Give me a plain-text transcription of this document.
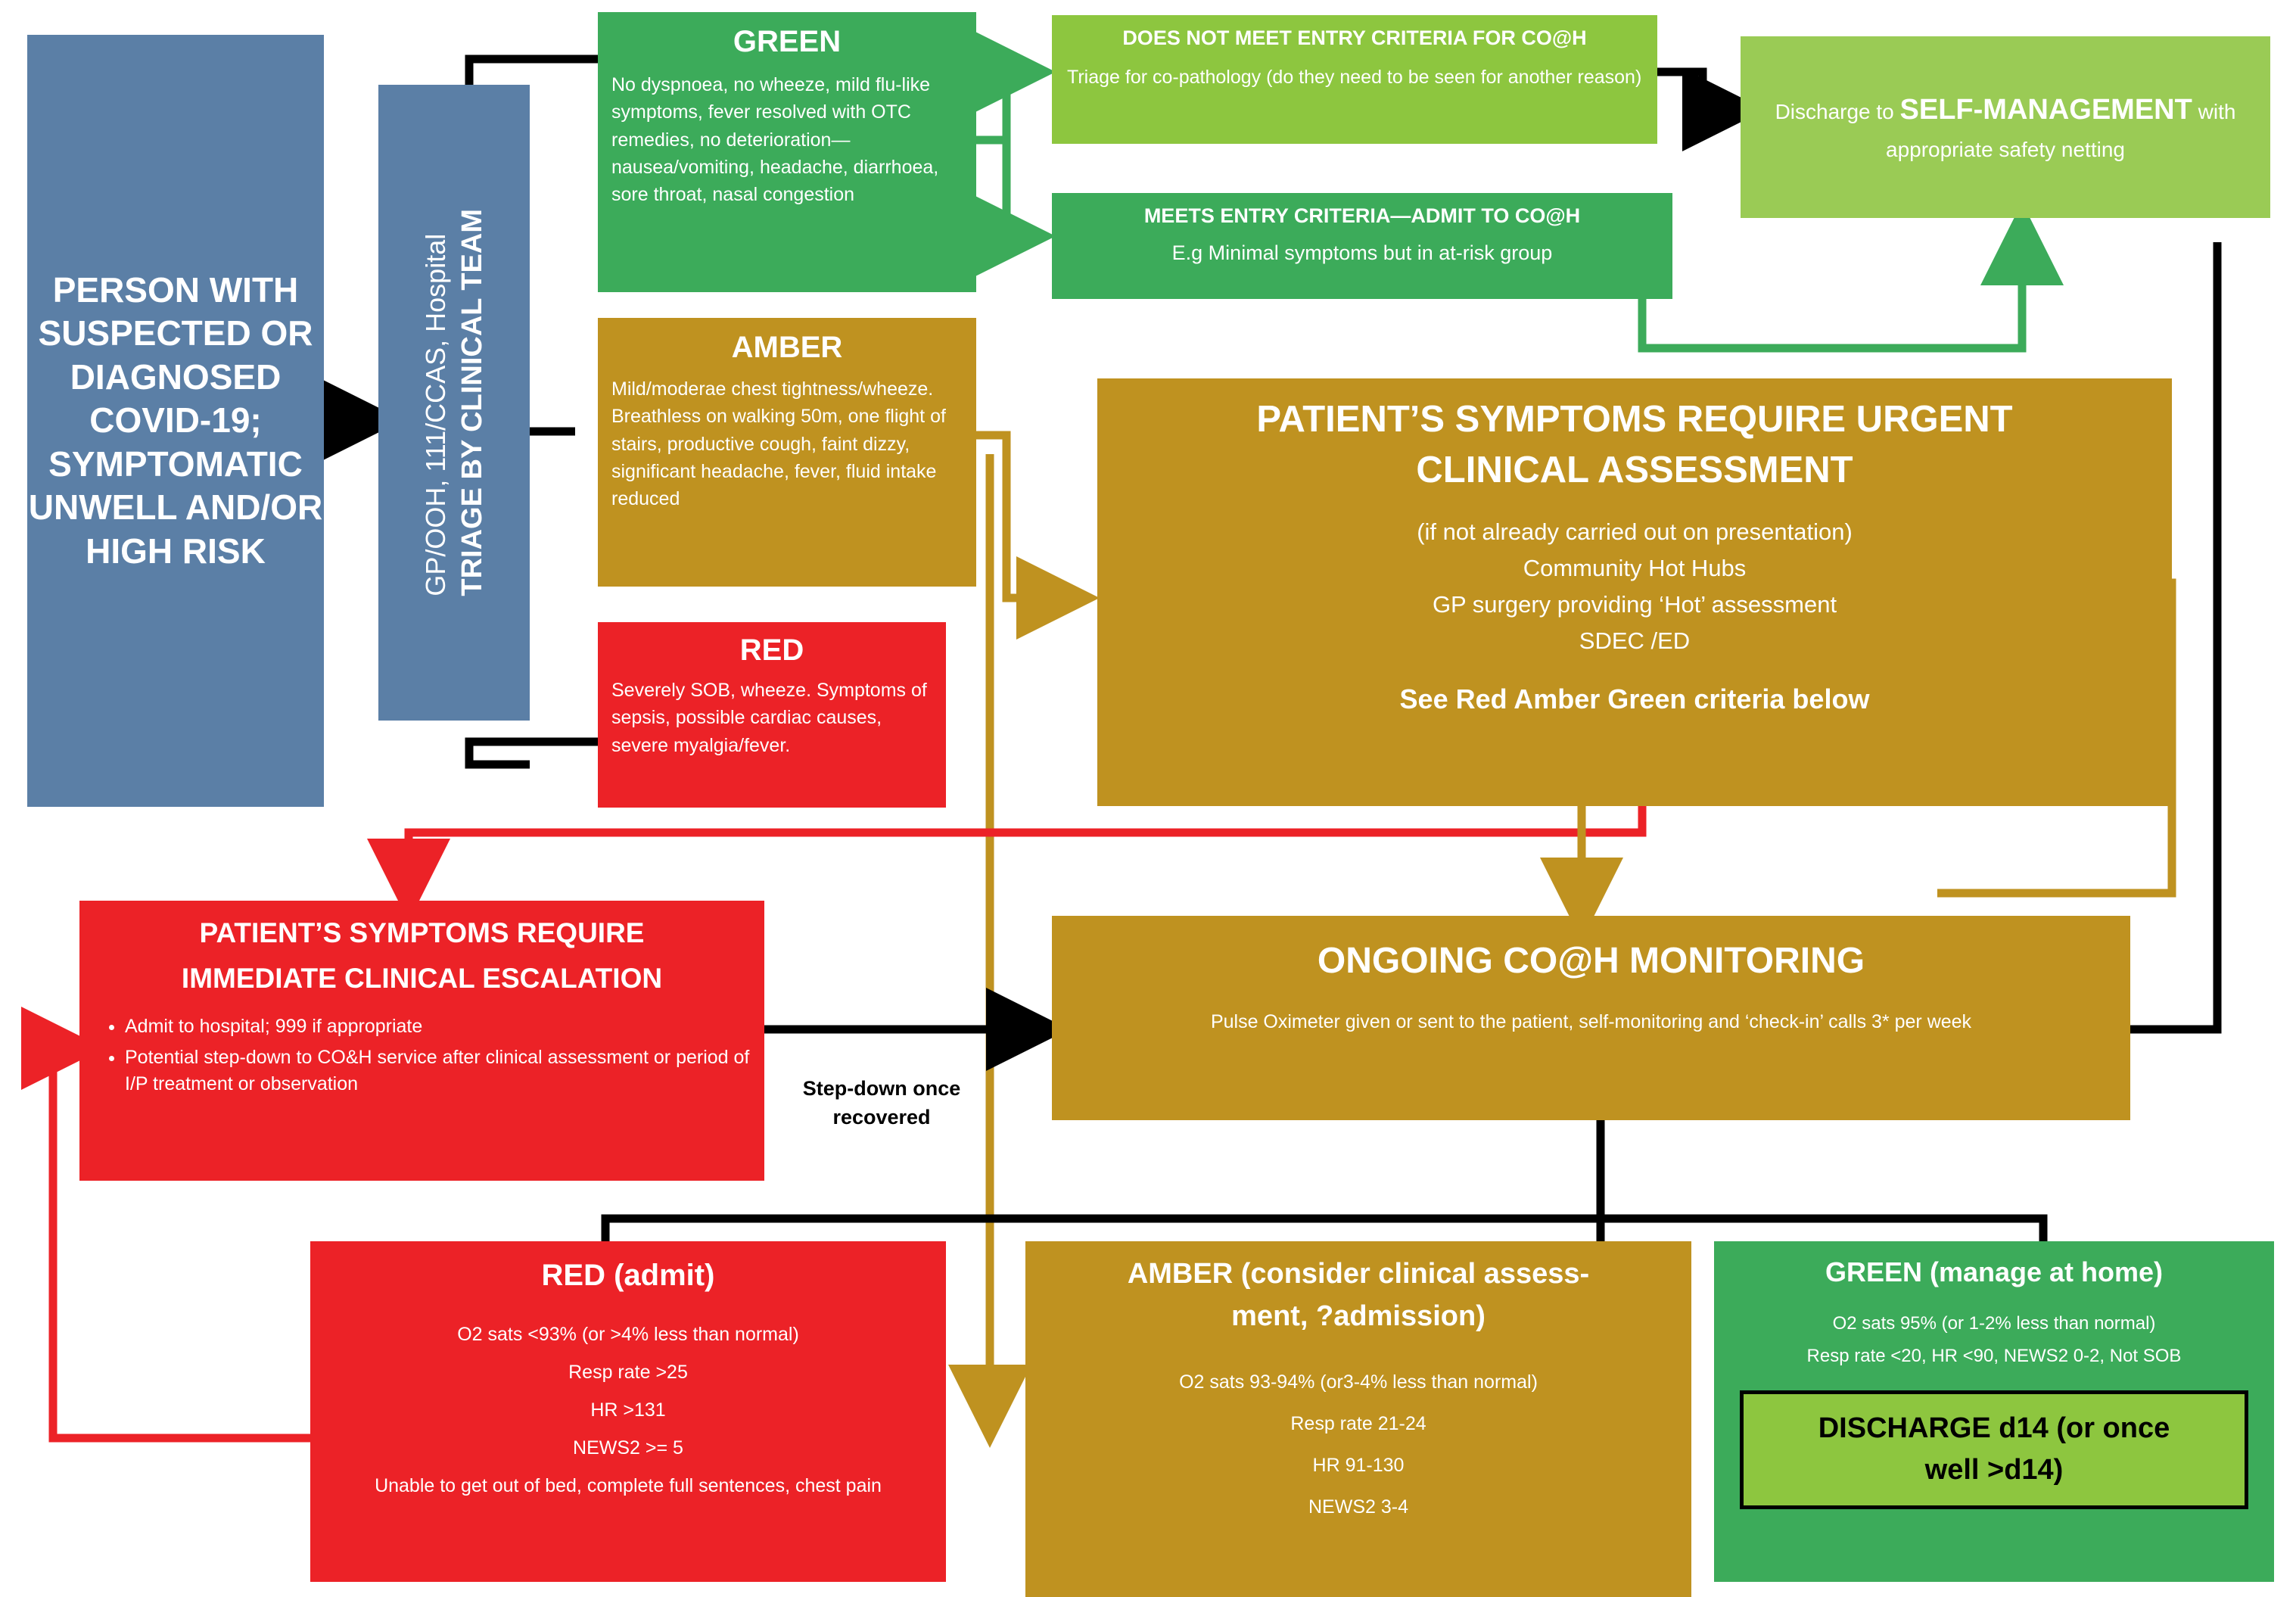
PERSON WITH SUSPECTED OR DIAGNOSED COVID-19; SYMPTOMATIC UNWELL AND/OR HIGH RISK	TRIAGE BY CLINICAL TEAM
GP/OOH, 111/CCAS, Hospital
GREEN
No dyspnoea, no wheeze, mild flu-like symptoms, fever resolved with OTC remedies, no deterioration—nausea/vomiting, headache, diarrhoea, sore throat, nasal congestion
AMBER
Mild/moderae chest tightness/wheeze. Breathless on walking 50m, one flight of stairs, productive cough, faint dizzy, significant headache, fever, fluid intake reduced
RED
Severely SOB, wheeze. Symptoms of sepsis, possible cardiac causes, severe myalgia/fever.
DOES NOT MEET ENTRY CRITERIA FOR CO@H
Triage for co-pathology (do they need to be seen for another reason)
MEETS ENTRY CRITERIA—ADMIT TO CO@H
E.g Minimal symptoms but in at-risk group
Discharge to SELF-MANAGEMENT with appropriate safety netting
PATIENT’S SYMPTOMS REQUIRE URGENT
CLINICAL ASSESSMENT
(if not already carried out on presentation)
Community Hot Hubs
GP surgery providing ‘Hot’ assessment
SDEC /ED
See Red Amber Green criteria below
PATIENT’S SYMPTOMS REQUIRE
IMMEDIATE CLINICAL ESCALATION
• Admit to hospital; 999 if appropriate
• Potential step-down to CO&H service after clinical assessment or period of I/P treatment or observation	Step-down once
recovered
ONGOING CO@H MONITORING
Pulse Oximeter given or sent to the patient, self-monitoring and ‘check-in’ calls 3* per week
RED (admit)
O2 sats <93% (or >4% less than normal)
Resp rate >25
HR >131
NEWS2 >= 5
Unable to get out of bed, complete full sentences, chest pain
AMBER (consider clinical assess-
ment, ?admission)
O2 sats 93-94% (or3-4% less than normal)
Resp rate 21-24
HR 91-130
NEWS2 3-4
GREEN (manage at home)
O2 sats 95% (or 1-2% less than normal)
Resp rate <20, HR <90, NEWS2 0-2, Not SOB
DISCHARGE d14 (or once
well >d14)
